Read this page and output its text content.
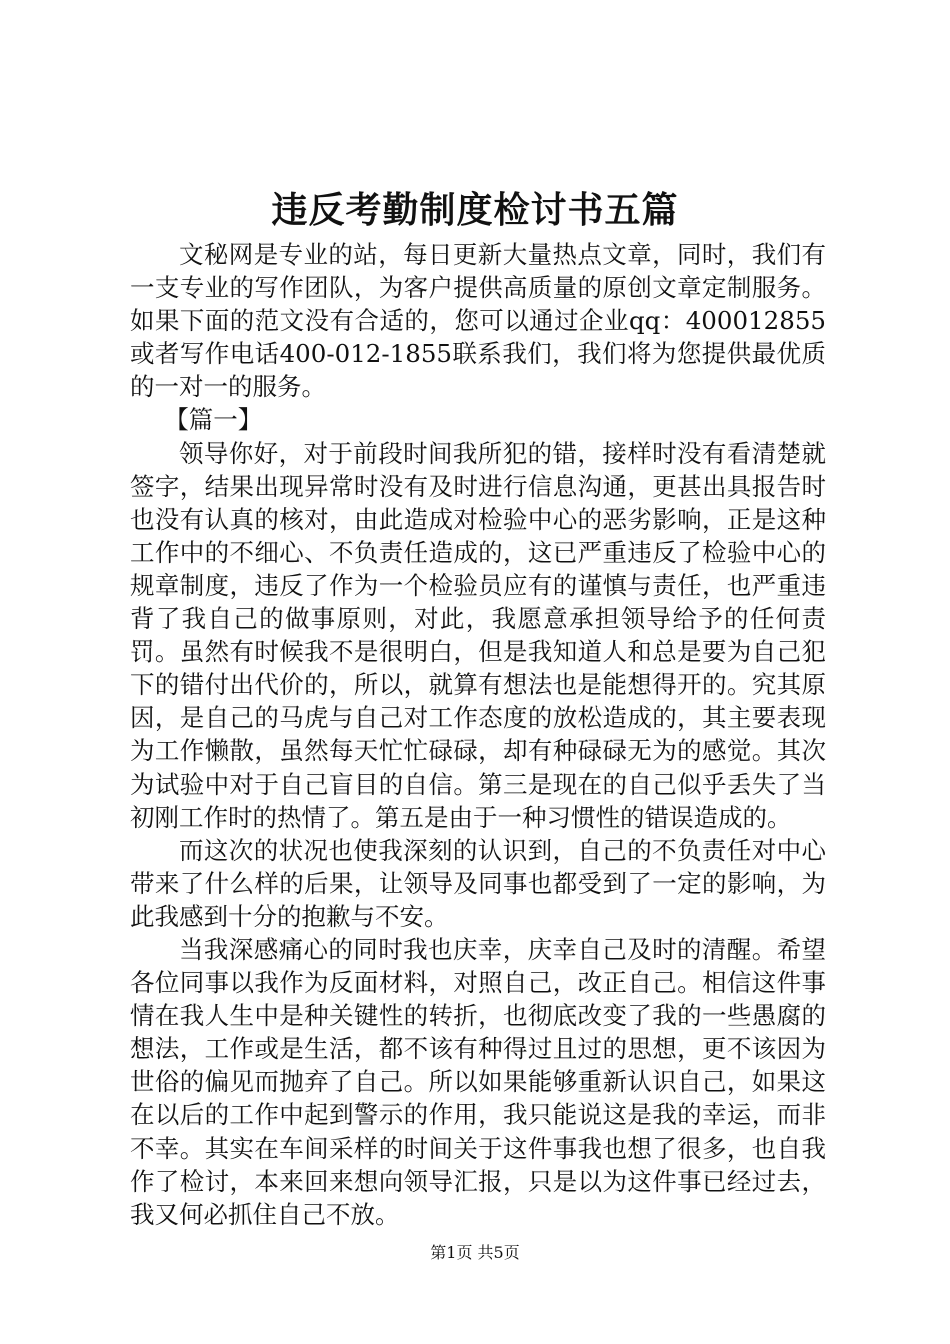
违反考勤制度检讨书五篇

文秘网是专业的站，每日更新大量热点文章，同时，我们有一支专业的写作团队，为客户提供高质量的原创文章定制服务。如果下面的范文没有合适的，您可以通过企业qq：400012855或者写作电话400-012-1855联系我们，我们将为您提供最优质的一对一的服务。

【篇一】

领导你好，对于前段时间我所犯的错，接样时没有看清楚就签字，结果出现异常时没有及时进行信息沟通，更甚出具报告时也没有认真的核对，由此造成对检验中心的恶劣影响，正是这种工作中的不细心、不负责任造成的，这已严重违反了检验中心的规章制度，违反了作为一个检验员应有的谨慎与责任，也严重违背了我自己的做事原则，对此，我愿意承担领导给予的任何责罚。虽然有时候我不是很明白，但是我知道人和总是要为自己犯下的错付出代价的，所以，就算有想法也是能想得开的。究其原因，是自己的马虎与自己对工作态度的放松造成的，其主要表现为工作懒散，虽然每天忙忙碌碌，却有种碌碌无为的感觉。其次为试验中对于自己盲目的自信。第三是现在的自己似乎丢失了当初刚工作时的热情了。第五是由于一种习惯性的错误造成的。

而这次的状况也使我深刻的认识到，自己的不负责任对中心带来了什么样的后果，让领导及同事也都受到了一定的影响，为此我感到十分的抱歉与不安。

当我深感痛心的同时我也庆幸，庆幸自己及时的清醒。希望各位同事以我作为反面材料，对照自己，改正自己。相信这件事情在我人生中是种关键性的转折，也彻底改变了我的一些愚腐的想法，工作或是生活，都不该有种得过且过的思想，更不该因为世俗的偏见而抛弃了自己。所以如果能够重新认识自己，如果这在以后的工作中起到警示的作用，我只能说这是我的幸运，而非不幸。其实在车间采样的时间关于这件事我也想了很多，也自我作了检讨，本来回来想向领导汇报，只是以为这件事已经过去，我又何必抓住自己不放。

第1页 共5页
